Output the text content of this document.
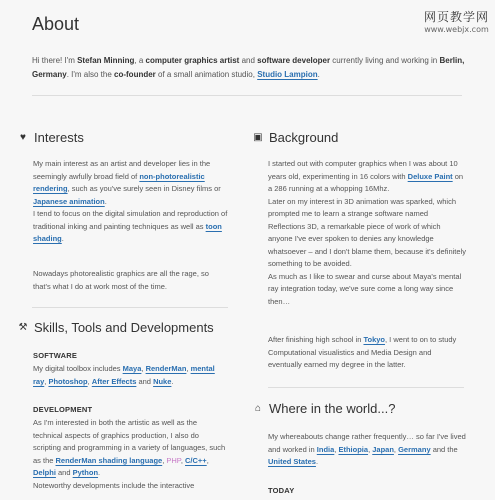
网页教学网
www.webjx.com
About

Hi there! I'm Stefan Minning, a computer graphics artist and software developer currently living and working in Berlin, Germany. I'm also the co-founder of a small animation studio, Studio Lampion.

♥ Interests

My main interest as an artist and developer lies in the seemingly awfully broad field of non-photorealistic rendering, such as you've surely seen in Disney films or Japanese animation.
I tend to focus on the digital simulation and reproduction of traditional inking and painting techniques as well as toon shading.

Nowadays photorealistic graphics are all the rage, so that's what I do at work most of the time.

⚒ Skills, Tools and Developments

SOFTWARE

My digital toolbox includes Maya, RenderMan, mental ray, Photoshop, After Effects and Nuke.

DEVELOPMENT

As I'm interested in both the artistic as well as the technical aspects of graphics production, I also do scripting and programming in a variety of languages, such as the RenderMan shading language, PHP, C/C++, Delphi and Python.
Noteworthy developments include the interactive

▣ Background

I started out with computer graphics when I was about 10 years old, experimenting in 16 colors with Deluxe Paint on a 286 running at a whopping 16Mhz.
Later on my interest in 3D animation was sparked, which prompted me to learn a strange software named Reflections 3D, a remarkable piece of work of which anyone I've ever spoken to denies any knowledge whatsoever – and I don't blame them, because it's definitely something to be avoided.
As much as I like to swear and curse about Maya's mental ray integration today, we've sure come a long way since then…

After finishing high school in Tokyo, I went to on to study Computational visualistics and Media Design and eventually earned my degree in the latter.

⌂ Where in the world...?

My whereabouts change rather frequently… so far I've lived and worked in India, Ethiopia, Japan, Germany and the United States.

TODAY
